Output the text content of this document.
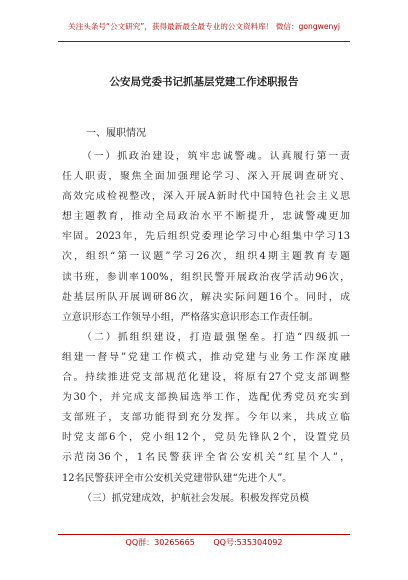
关注头条号“公文研究”，获得最新最全最专业的公文资料库！ 微信：gongwenyj
公安局党委书记抓基层党建工作述职报告
一、履职情况
（一）抓政治建设，筑牢忠诚警魂。认真履行第一责
任人职责，聚焦全面加强理论学习、深入开展调查研究、
高效完成检视整改，深入开展A新时代中国特色社会主义思
想主题教育，推动全局政治水平不断提升，忠诚警魂更加
牢固。2023年，先后组织党委理论学习中心组集中学习13
次，组织“第一议题”学习26次，组织4期主题教育专题
读书班，参训率100%，组织民警开展政治夜学活动96次，
赴基层所队开展调研86次，解决实际问题16个。同时，成
立意识形态工作领导小组，严格落实意识形态工作责任制。
（二）抓组织建设，打造最强堡垒。打造“四级抓一
组建一督导”党建工作模式，推动党建与业务工作深度融
合。持续推进党支部规范化建设，将原有27个党支部调整
为30个，并完成支部换届选举工作，选配优秀党员充实到
支部班子，支部功能得到充分发挥。今年以来，共成立临
时党支部6个，党小组12个，党员先锋队2个，设置党员
示范岗36个，1名民警获评全省公安机关“红星个人”，
12名民警获评全市公安机关党建带队建“先进个人”。
（三）抓党建成效，护航社会发展。积极发挥党员模
QQ群：30265665 QQ号:535304092
